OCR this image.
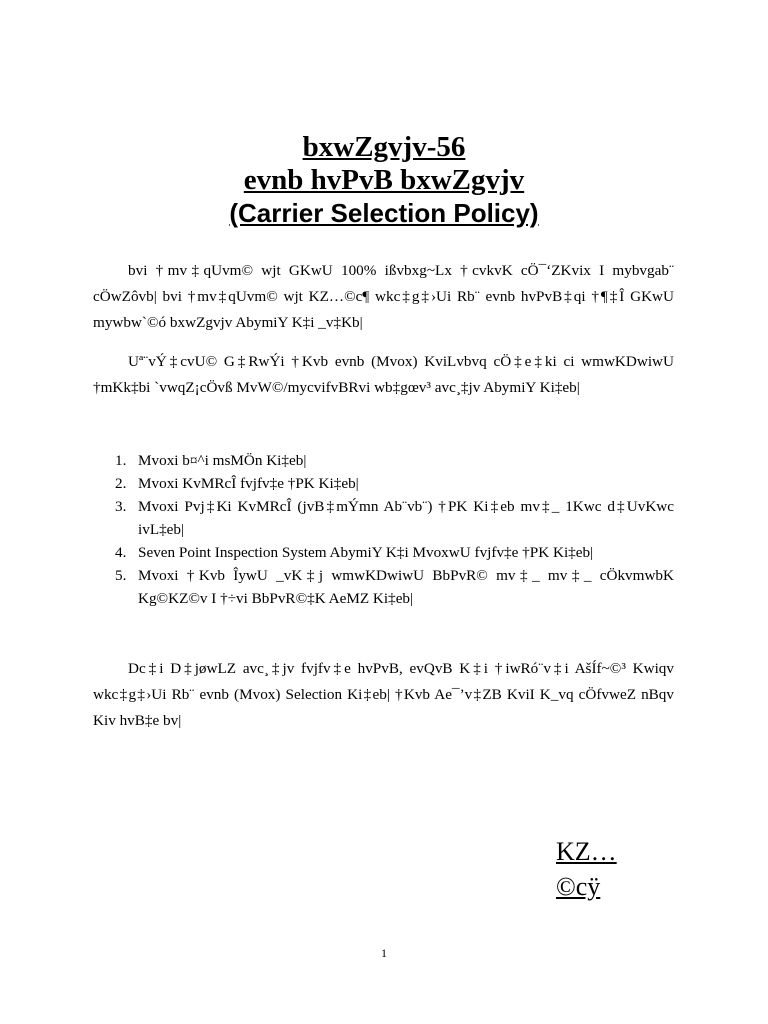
bxwZgvjv-56
evnb hvPvB bxwZgvjv
(Carrier Selection Policy)

bvi †mv‡qUvm© wjt GKwU 100% ißvbxg~Lx †cvkvK cÖ¯‘ZKvix I mybvgab¨ cÖwZôvb| bvi †mv‡qUvm© wjt KZ…©c¶ wkc‡g‡›Ui Rb¨ evnb hvPvB‡qi †¶‡Î GKwU mywbw`©ó bxwZgvjv AbymiY K‡i _v‡Kb|

Uª¨vÝ‡cvU© G‡RwÝi †Kvb evnb (Mvox) KviLvbvq cÖ‡e‡ki ci wmwKDwiwU †mKk‡bi `vwqZ¡cÖvß MvW©/mycvifvBRvi wb‡gœv³ avc¸‡jv AbymiY Ki‡eb|

1. Mvoxi b¤^i msMÖn Ki‡eb|
2. Mvoxi KvMRcÎ fvjfv‡e †PK Ki‡eb|
3. Mvoxi Pvj‡Ki KvMRcÎ (jvB‡mÝmn Ab¨vb¨) †PK Ki‡eb mv‡_ 1Kwc d‡UvKwc ivL‡eb|
4. Seven Point Inspection System AbymiY K‡i MvoxwU fvjfv‡e †PK Ki‡eb|
5. Mvoxi †Kvb ÎywU _vK‡j wmwKDwiwU BbPvR© mv‡_ mv‡_ cÖkvmwbK Kg©KZ©v I †÷vi BbPvR©‡K AeMZ Ki‡eb|

Dc‡i D‡jøwLZ avc¸‡jv fvjfv‡e hvPvB, evQvB K‡i †iwRó¨v‡i AšÍf~©³ Kwiqv wkc‡g‡›Ui Rb¨ evnb (Mvox) Selection Ki‡eb| †Kvb Ae¯’v‡ZB KviI K_vq cÖfvweZ nBqv Kiv hvB‡e bv|

KZ…
©cÿ
1
